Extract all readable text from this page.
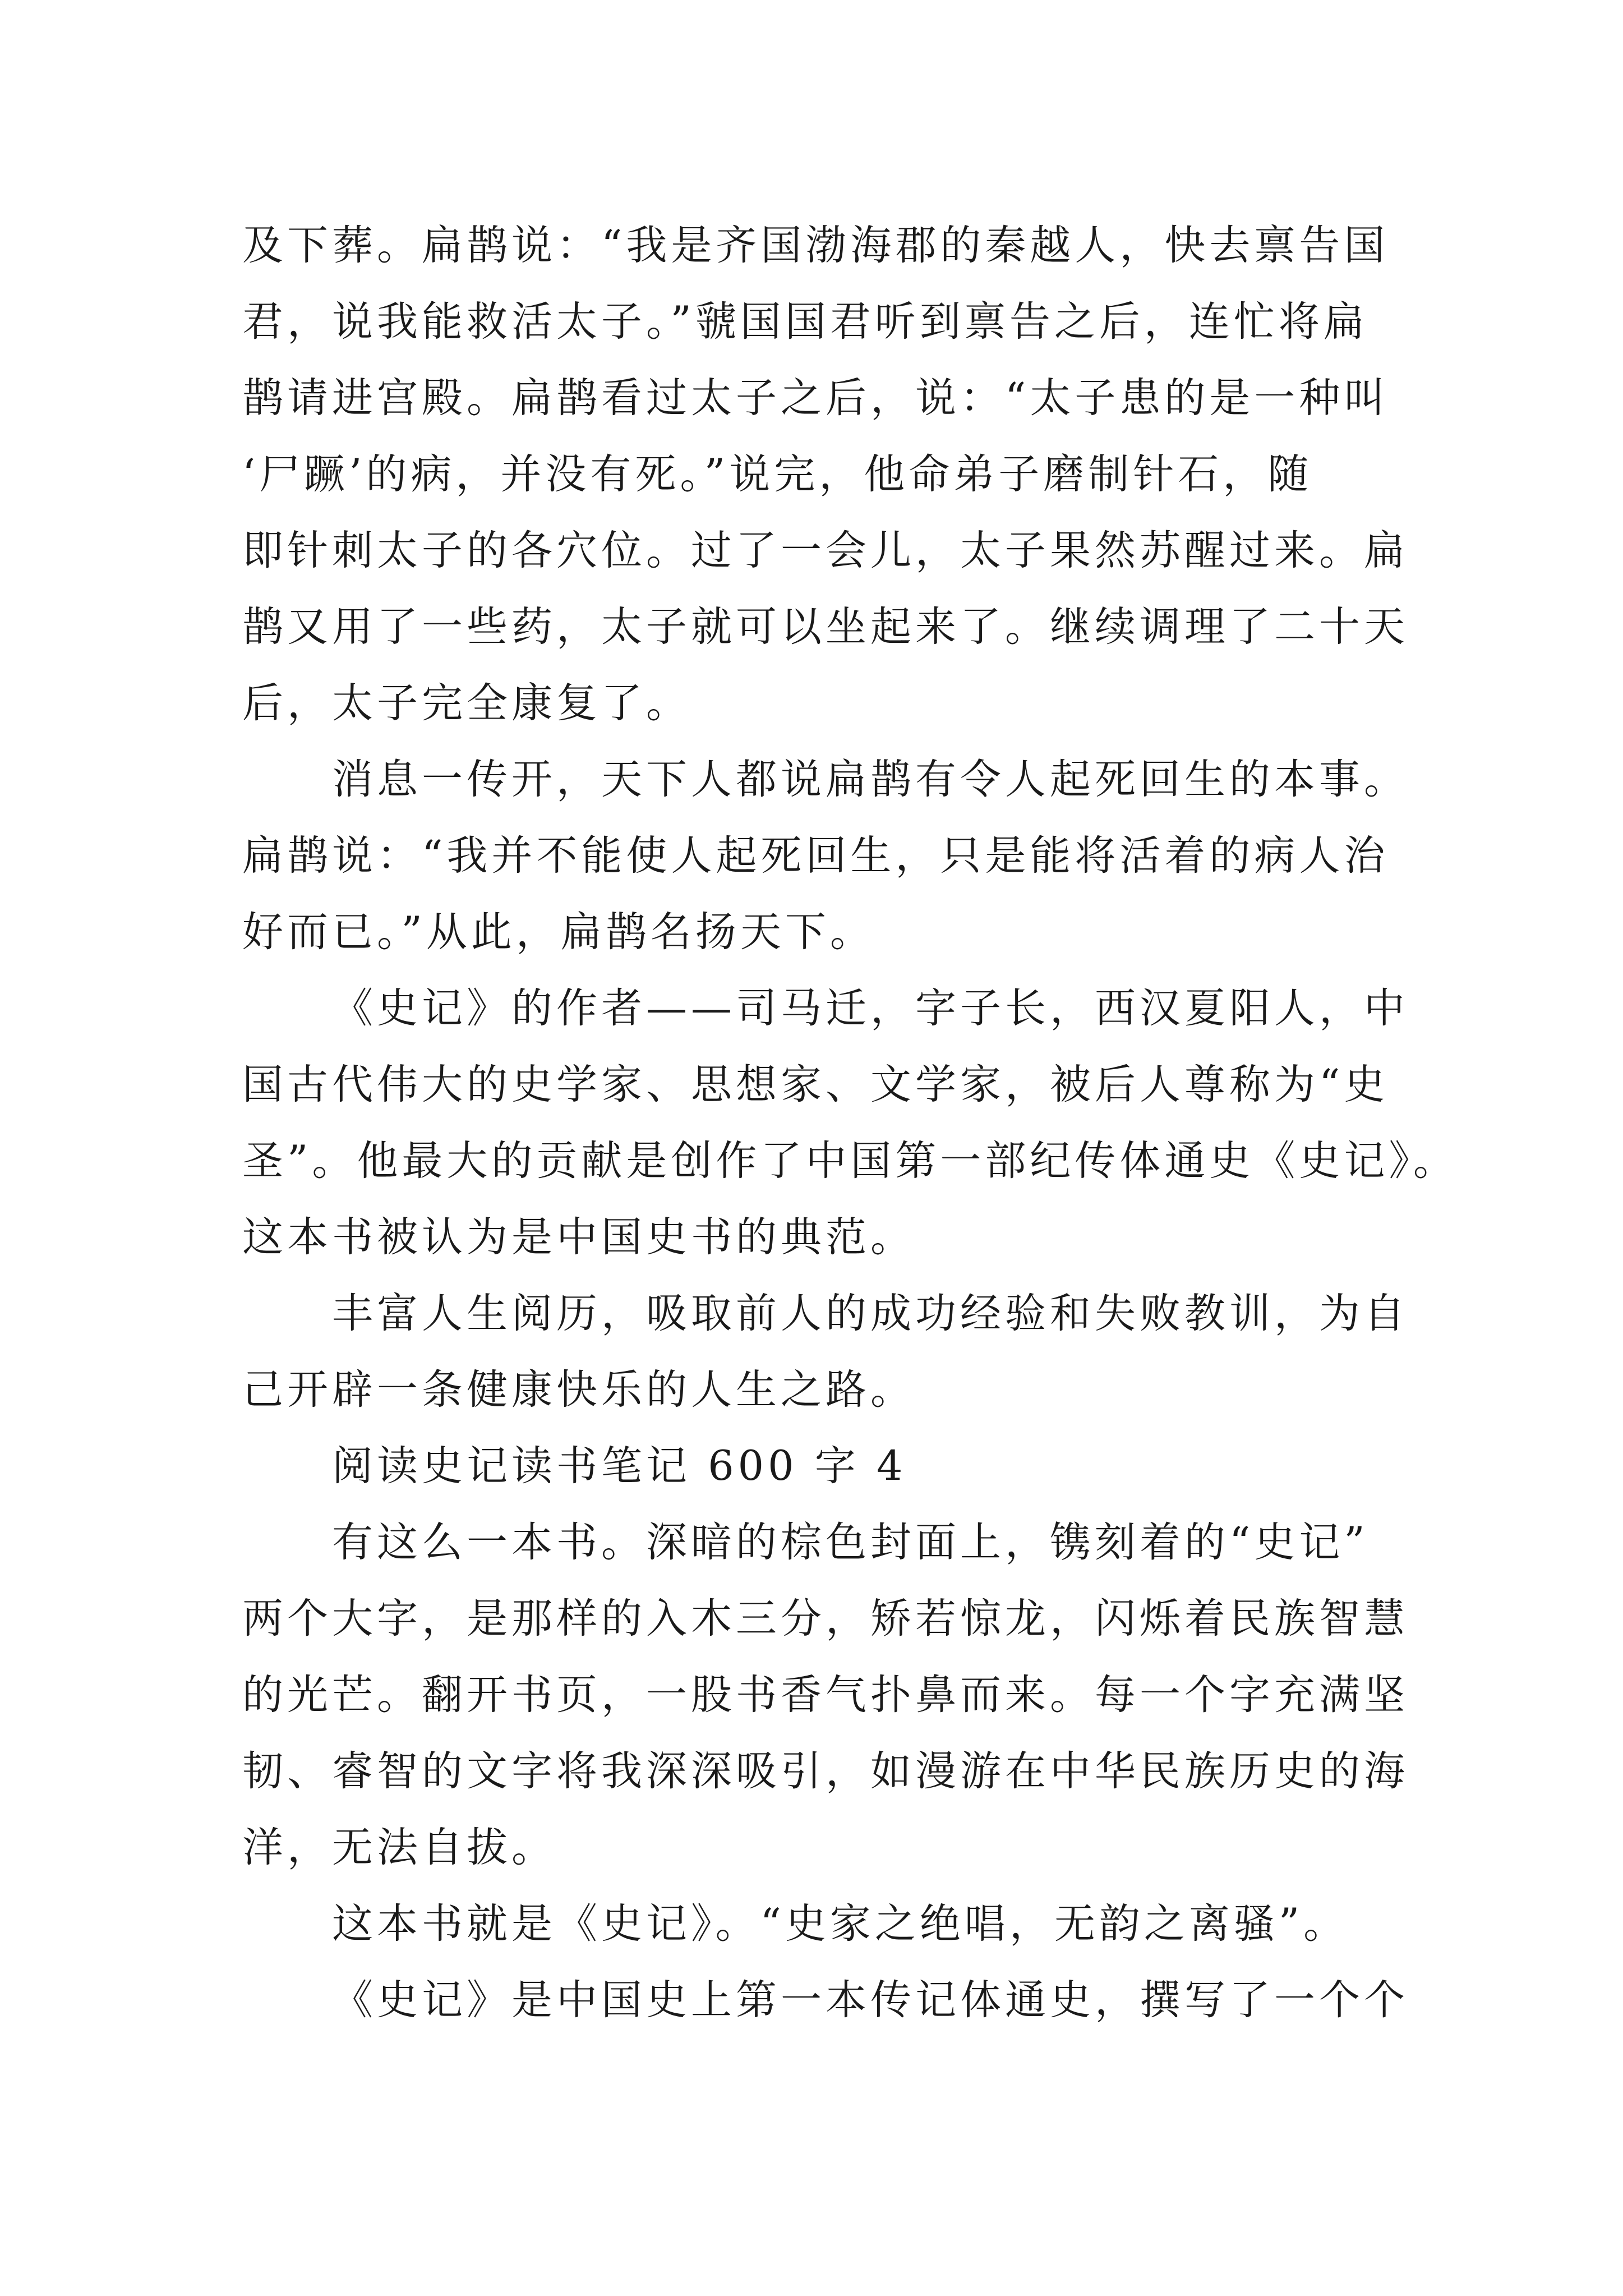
及下葬。扁鹊说：“我是齐国渤海郡的秦越人，快去禀告国

君，说我能救活太子。”虢国国君听到禀告之后，连忙将扁

鹊请进宫殿。扁鹊看过太子之后，说：“太子患的是一种叫

‘尸蹶’的病，并没有死。”说完，他命弟子磨制针石，随

即针刺太子的各穴位。过了一会儿，太子果然苏醒过来。扁

鹊又用了一些药，太子就可以坐起来了。继续调理了二十天

后，太子完全康复了。

消息一传开，天下人都说扁鹊有令人起死回生的本事。

扁鹊说：“我并不能使人起死回生，只是能将活着的病人治

好而已。”从此，扁鹊名扬天下。

《史记》的作者——司马迁，字子长，西汉夏阳人，中

国古代伟大的史学家、思想家、文学家，被后人尊称为“史

圣”。他最大的贡献是创作了中国第一部纪传体通史《史记》。

这本书被认为是中国史书的典范。

丰富人生阅历，吸取前人的成功经验和失败教训，为自

己开辟一条健康快乐的人生之路。

阅读史记读书笔记 600 字 4

有这么一本书。深暗的棕色封面上，镌刻着的“史记”

两个大字，是那样的入木三分，矫若惊龙，闪烁着民族智慧

的光芒。翻开书页，一股书香气扑鼻而来。每一个字充满坚

韧、睿智的文字将我深深吸引，如漫游在中华民族历史的海

洋，无法自拔。

这本书就是《史记》。“史家之绝唱，无韵之离骚”。

《史记》是中国史上第一本传记体通史，撰写了一个个
